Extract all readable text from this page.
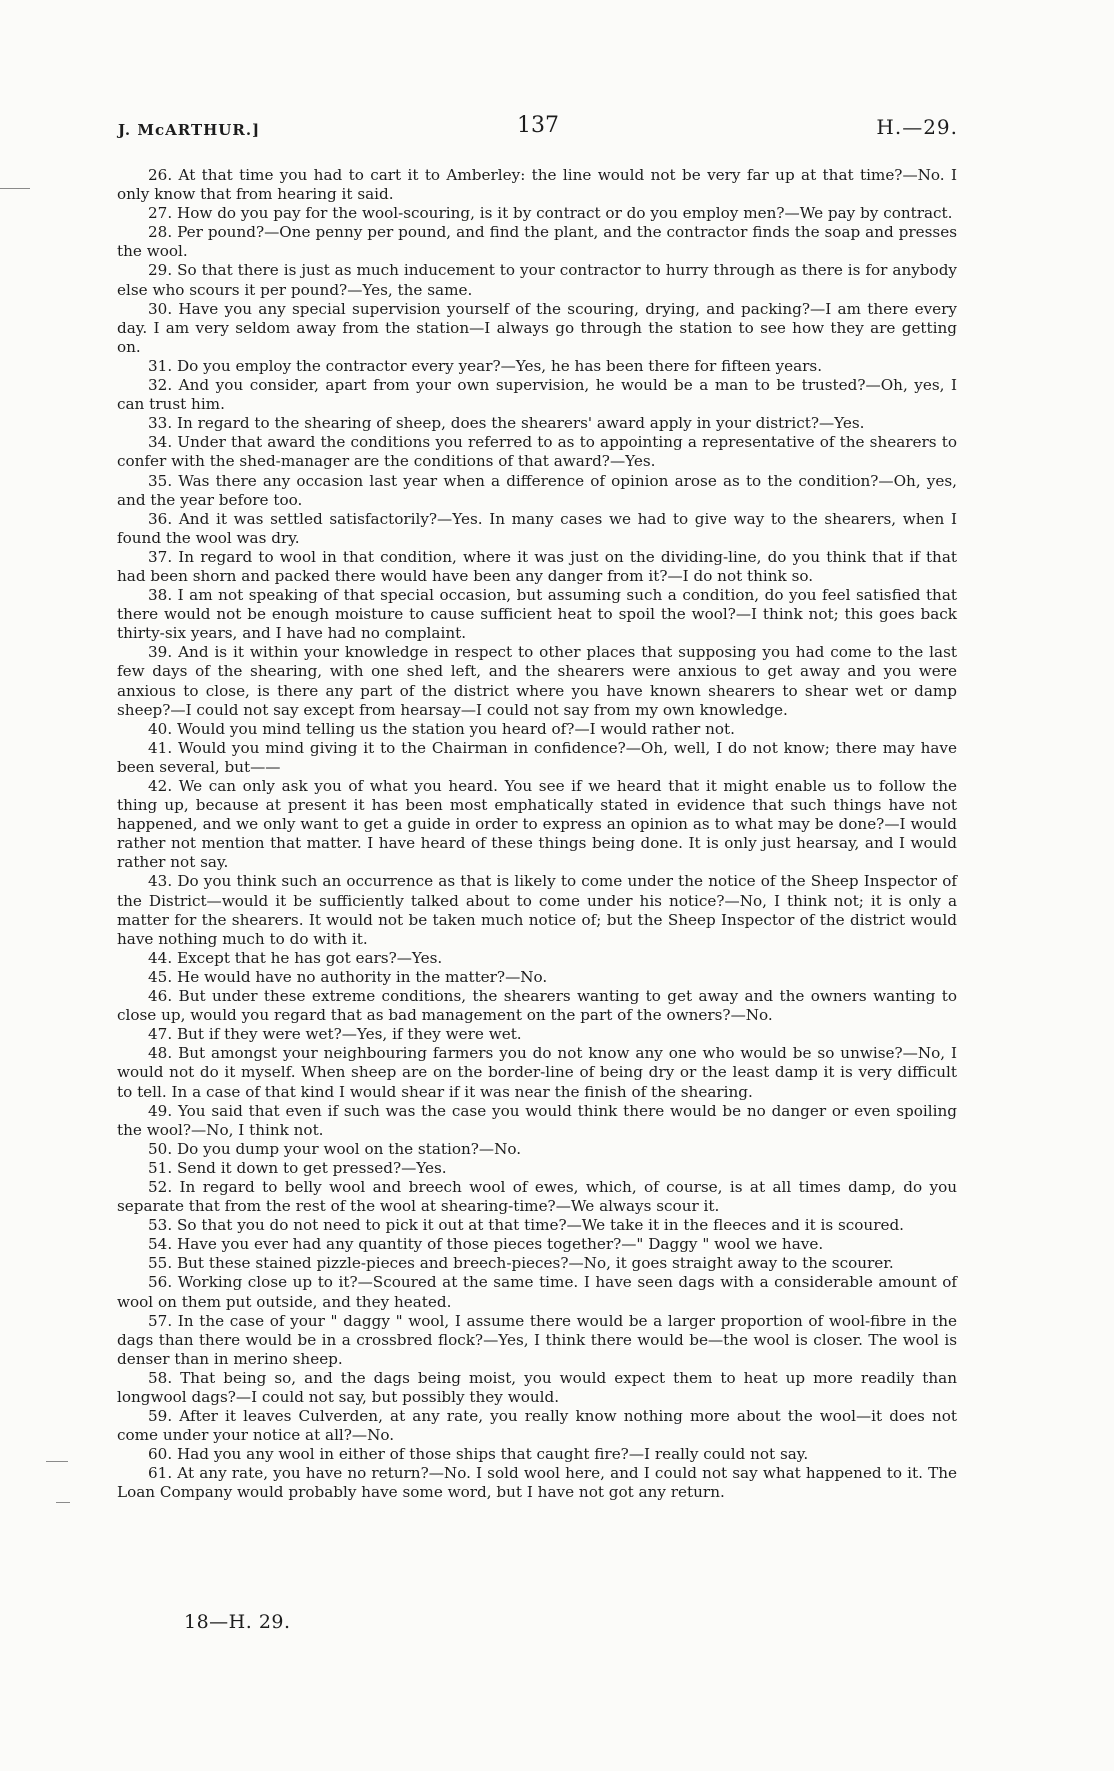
J. McARTHUR.]	137	H.—29.

26. At that time you had to cart it to Amberley: the line would not be very far up at that time?—No. I only know that from hearing it said.

27. How do you pay for the wool-scouring, is it by contract or do you employ men?—We pay by contract.

28. Per pound?—One penny per pound, and find the plant, and the contractor finds the soap and presses the wool.

29. So that there is just as much inducement to your contractor to hurry through as there is for anybody else who scours it per pound?—Yes, the same.

30. Have you any special supervision yourself of the scouring, drying, and packing?—I am there every day. I am very seldom away from the station—I always go through the station to see how they are getting on.

31. Do you employ the contractor every year?—Yes, he has been there for fifteen years.

32. And you consider, apart from your own supervision, he would be a man to be trusted?—Oh, yes, I can trust him.

33. In regard to the shearing of sheep, does the shearers' award apply in your district?—Yes.

34. Under that award the conditions you referred to as to appointing a representative of the shearers to confer with the shed-manager are the conditions of that award?—Yes.

35. Was there any occasion last year when a difference of opinion arose as to the condition?—Oh, yes, and the year before too.

36. And it was settled satisfactorily?—Yes. In many cases we had to give way to the shearers, when I found the wool was dry.

37. In regard to wool in that condition, where it was just on the dividing-line, do you think that if that had been shorn and packed there would have been any danger from it?—I do not think so.

38. I am not speaking of that special occasion, but assuming such a condition, do you feel satisfied that there would not be enough moisture to cause sufficient heat to spoil the wool?—I think not; this goes back thirty-six years, and I have had no complaint.

39. And is it within your knowledge in respect to other places that supposing you had come to the last few days of the shearing, with one shed left, and the shearers were anxious to get away and you were anxious to close, is there any part of the district where you have known shearers to shear wet or damp sheep?—I could not say except from hearsay—I could not say from my own knowledge.

40. Would you mind telling us the station you heard of?—I would rather not.

41. Would you mind giving it to the Chairman in confidence?—Oh, well, I do not know; there may have been several, but——

42. We can only ask you of what you heard. You see if we heard that it might enable us to follow the thing up, because at present it has been most emphatically stated in evidence that such things have not happened, and we only want to get a guide in order to express an opinion as to what may be done?—I would rather not mention that matter. I have heard of these things being done. It is only just hearsay, and I would rather not say.

43. Do you think such an occurrence as that is likely to come under the notice of the Sheep Inspector of the District—would it be sufficiently talked about to come under his notice?—No, I think not; it is only a matter for the shearers. It would not be taken much notice of; but the Sheep Inspector of the district would have nothing much to do with it.

44. Except that he has got ears?—Yes.

45. He would have no authority in the matter?—No.

46. But under these extreme conditions, the shearers wanting to get away and the owners wanting to close up, would you regard that as bad management on the part of the owners?—No.

47. But if they were wet?—Yes, if they were wet.

48. But amongst your neighbouring farmers you do not know any one who would be so unwise?—No, I would not do it myself. When sheep are on the border-line of being dry or the least damp it is very difficult to tell. In a case of that kind I would shear if it was near the finish of the shearing.

49. You said that even if such was the case you would think there would be no danger or even spoiling the wool?—No, I think not.

50. Do you dump your wool on the station?—No.

51. Send it down to get pressed?—Yes.

52. In regard to belly wool and breech wool of ewes, which, of course, is at all times damp, do you separate that from the rest of the wool at shearing-time?—We always scour it.

53. So that you do not need to pick it out at that time?—We take it in the fleeces and it is scoured.

54. Have you ever had any quantity of those pieces together?—" Daggy " wool we have.

55. But these stained pizzle-pieces and breech-pieces?—No, it goes straight away to the scourer.

56. Working close up to it?—Scoured at the same time. I have seen dags with a considerable amount of wool on them put outside, and they heated.

57. In the case of your " daggy " wool, I assume there would be a larger proportion of wool-fibre in the dags than there would be in a crossbred flock?—Yes, I think there would be—the wool is closer. The wool is denser than in merino sheep.

58. That being so, and the dags being moist, you would expect them to heat up more readily than longwool dags?—I could not say, but possibly they would.

59. After it leaves Culverden, at any rate, you really know nothing more about the wool—it does not come under your notice at all?—No.

60. Had you any wool in either of those ships that caught fire?—I really could not say.

61. At any rate, you have no return?—No. I sold wool here, and I could not say what happened to it. The Loan Company would probably have some word, but I have not got any return.

18—H. 29.
